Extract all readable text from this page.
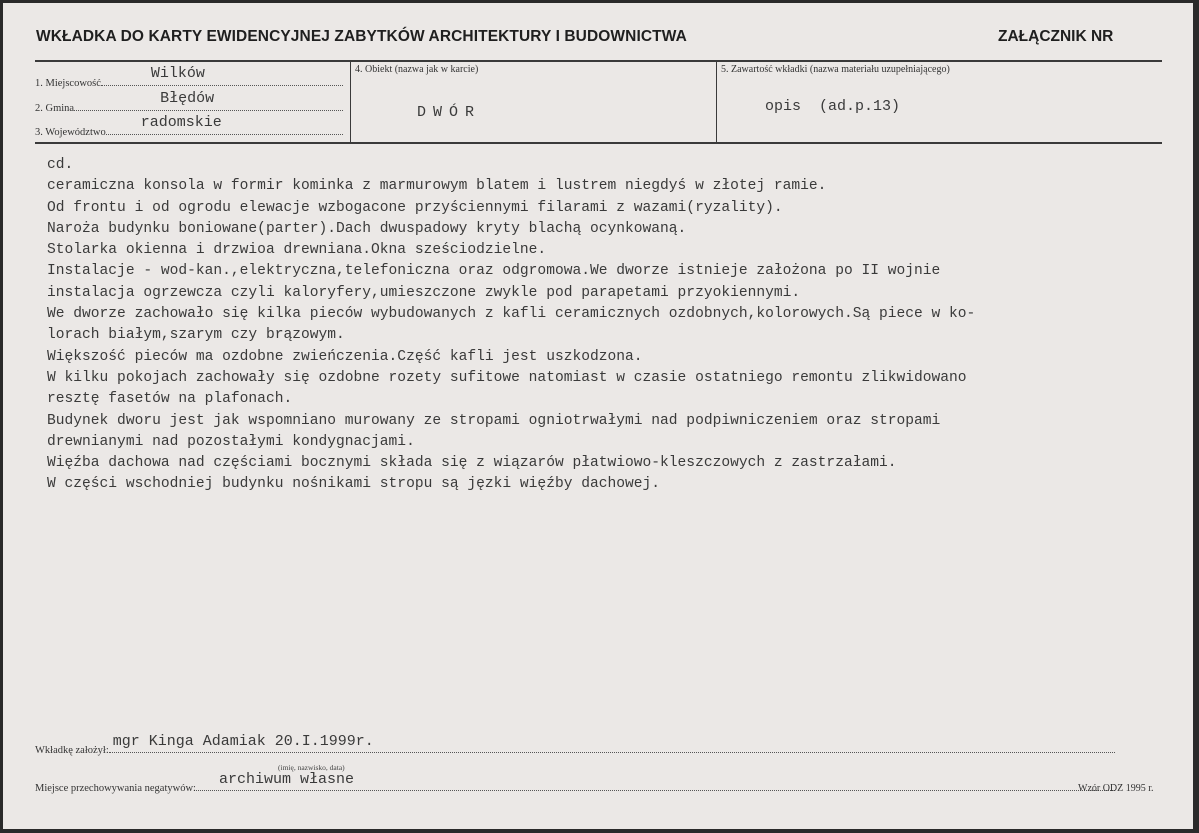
WKŁADKA DO KARTY EWIDENCYJNEJ ZABYTKÓW ARCHITEKTURY I BUDOWNICTWA	ZAŁĄCZNIK NR
1. Miejscowość
Wilków
2. Gmina
Błędów
3. Województwo
radomskie
4. Obiekt (nazwa jak w karcie)
DWÓR
5. Zawartość wkładki (nazwa materiału uzupełniającego)
opis  (ad.p.13)
cd.
ceramiczna konsola w formir kominka z marmurowym blatem i lustrem niegdyś w złotej ramie.
Od frontu i od ogrodu elewacje wzbogacone przyściennymi filarami z wazami(ryzality).
Naroża budynku boniowane(parter).Dach dwuspadowy kryty blachą ocynkowaną.
Stolarka okienna i drzwioa drewniana.Okna sześciodzielne.
Instalacje - wod-kan.,elektryczna,telefoniczna oraz odgromowa.We dworze istnieje założona po II wojnie
instalacja ogrzewcza czyli kaloryfery,umieszczone zwykle pod parapetami przyokiennymi.
We dworze zachowało się kilka pieców wybudowanych z kafli ceramicznych ozdobnych,kolorowych.Są piece w ko-
lorach białym,szarym czy brązowym.
Większość pieców ma ozdobne zwieńczenia.Część kafli jest uszkodzona.
W kilku pokojach zachowały się ozdobne rozety sufitowe natomiast w czasie ostatniego remontu zlikwidowano
resztę fasetów na plafonach.
Budynek dworu jest jak wspomniano murowany ze stropami ogniotrwałymi nad podpiwniczeniem oraz stropami
drewnianymi nad pozostałymi kondygnacjami.
Więźba dachowa nad częściami bocznymi składa się z wiązarów płatwiowo-kleszczowych z zastrzałami.
W części wschodniej budynku nośnikami stropu są jęzki więźby dachowej.
Wkładkę założył:
mgr Kinga Adamiak 20.I.1999r.
(imię, nazwisko, data)
Miejsce przechowywania negatywów:
archiwum własne
Wzór ODZ 1995 r.
